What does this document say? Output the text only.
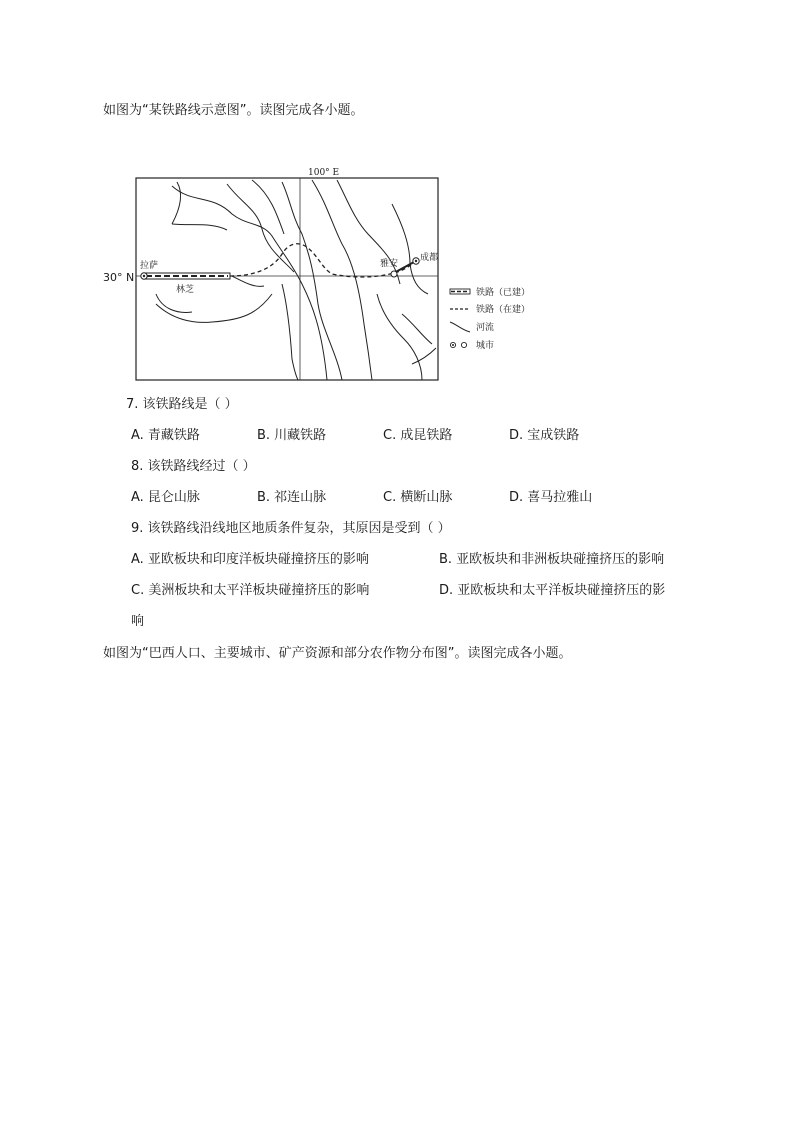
如图为“某铁路线示意图”。读图完成各小题。
100° E
拉萨
林芝
雅安
成都
铁路（已建）
铁路（在建）
河流
城市
30° N
7. 该铁路线是（ ）
A. 青藏铁路	B. 川藏铁路	C. 成昆铁路	D. 宝成铁路
8. 该铁路线经过（ ）
A. 昆仑山脉	B. 祁连山脉	C. 横断山脉	D. 喜马拉雅山
9. 该铁路线沿线地区地质条件复杂，其原因是受到（ ）
A. 亚欧板块和印度洋板块碰撞挤压的影响	B. 亚欧板块和非洲板块碰撞挤压的影响
C. 美洲板块和太平洋板块碰撞挤压的影响	D. 亚欧板块和太平洋板块碰撞挤压的影
响
如图为“巴西人口、主要城市、矿产资源和部分农作物分布图”。读图完成各小题。
